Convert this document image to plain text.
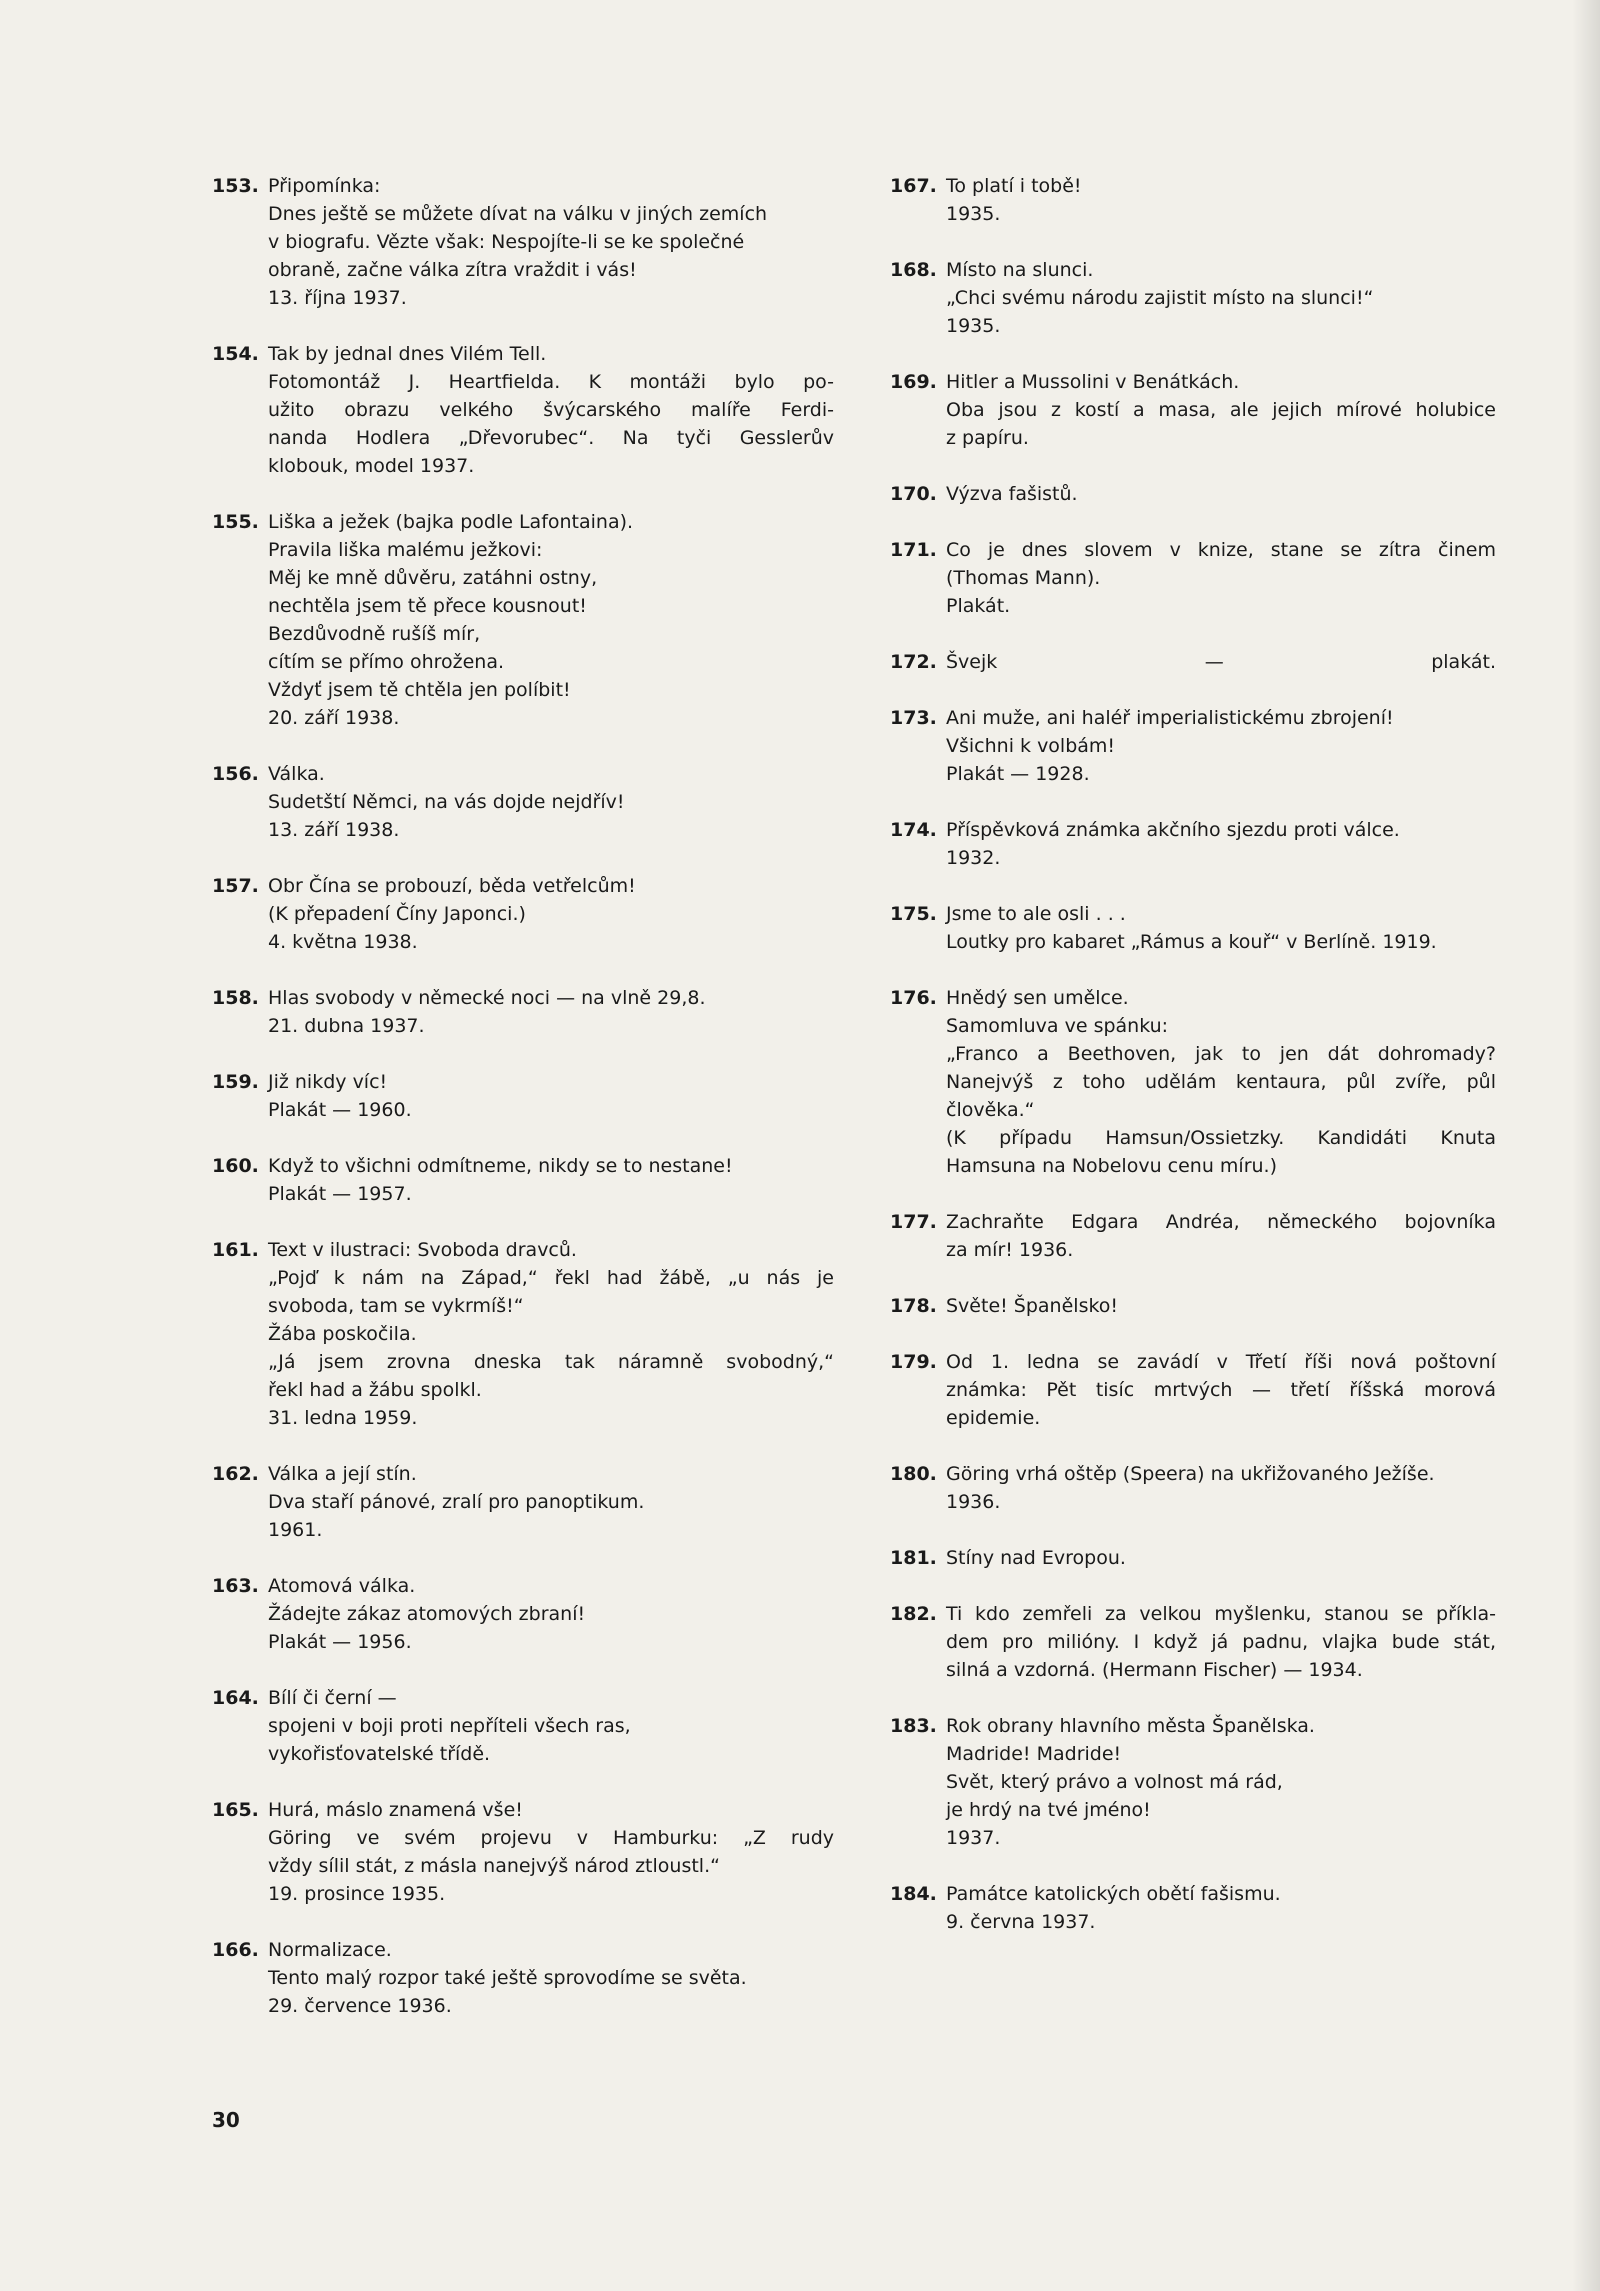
153. Připomínka:
Dnes ještě se můžete dívat na válku v jiných zemích
v biografu. Vězte však: Nespojíte-li se ke společné
obraně, začne válka zítra vraždit i vás!
13. října 1937.
154. Tak by jednal dnes Vilém Tell.
Fotomontáž J. Heartfielda. K montáži bylo po-
užito obrazu velkého švýcarského malíře Ferdi-
nanda Hodlera „Dřevorubec“. Na tyči Gesslerův
klobouk, model 1937.
155. Liška a ježek (bajka podle Lafontaina).
Pravila liška malému ježkovi:
Měj ke mně důvěru, zatáhni ostny,
nechtěla jsem tě přece kousnout!
Bezdůvodně rušíš mír,
cítím se přímo ohrožena.
Vždyť jsem tě chtěla jen políbit!
20. září 1938.
156. Válka.
Sudetští Němci, na vás dojde nejdřív!
13. září 1938.
157. Obr Čína se probouzí, běda vetřelcům!
(K přepadení Číny Japonci.)
4. května 1938.
158. Hlas svobody v německé noci — na vlně 29,8.
21. dubna 1937.
159. Již nikdy víc!
Plakát — 1960.
160. Když to všichni odmítneme, nikdy se to nestane!
Plakát — 1957.
161. Text v ilustraci: Svoboda dravců.
„Pojď k nám na Západ,“ řekl had žábě, „u nás je
svoboda, tam se vykrmíš!“
Žába poskočila.
„Já jsem zrovna dneska tak náramně svobodný,“
řekl had a žábu spolkl.
31. ledna 1959.
162. Válka a její stín.
Dva staří pánové, zralí pro panoptikum.
1961.
163. Atomová válka.
Žádejte zákaz atomových zbraní!
Plakát — 1956.
164. Bílí či černí —
spojeni v boji proti nepříteli všech ras,
vykořisťovatelské třídě.
165. Hurá, máslo znamená vše!
Göring ve svém projevu v Hamburku: „Z rudy
vždy sílil stát, z másla nanejvýš národ ztloustl.“
19. prosince 1935.
166. Normalizace.
Tento malý rozpor také ještě sprovodíme se světa.
29. července 1936.
167. To platí i tobě!
1935.
168. Místo na slunci.
„Chci svému národu zajistit místo na slunci!“
1935.
169. Hitler a Mussolini v Benátkách.
Oba jsou z kostí a masa, ale jejich mírové holubice
z papíru.
170. Výzva fašistů.
171. Co je dnes slovem v knize, stane se zítra činem
(Thomas Mann).
Plakát.
172. Švejk — plakát.
173. Ani muže, ani haléř imperialistickému zbrojení!
Všichni k volbám!
Plakát — 1928.
174. Příspěvková známka akčního sjezdu proti válce.
1932.
175. Jsme to ale osli . . .
Loutky pro kabaret „Rámus a kouř“ v Berlíně. 1919.
176. Hnědý sen umělce.
Samomluva ve spánku:
„Franco a Beethoven, jak to jen dát dohromady?
Nanejvýš z toho udělám kentaura, půl zvíře, půl
člověka.“
(K případu Hamsun/Ossietzky. Kandidáti Knuta
Hamsuna na Nobelovu cenu míru.)
177. Zachraňte Edgara Andréa, německého bojovníka
za mír! 1936.
178. Světe! Španělsko!
179. Od 1. ledna se zavádí v Třetí říši nová poštovní
známka: Pět tisíc mrtvých — třetí říšská morová
epidemie.
180. Göring vrhá oštěp (Speera) na ukřižovaného Ježíše.
1936.
181. Stíny nad Evropou.
182. Ti kdo zemřeli za velkou myšlenku, stanou se příkla-
dem pro milióny. I když já padnu, vlajka bude stát,
silná a vzdorná. (Hermann Fischer) — 1934.
183. Rok obrany hlavního města Španělska.
Madride! Madride!
Svět, který právo a volnost má rád,
je hrdý na tvé jméno!
1937.
184. Památce katolických obětí fašismu.
9. června 1937.
30
